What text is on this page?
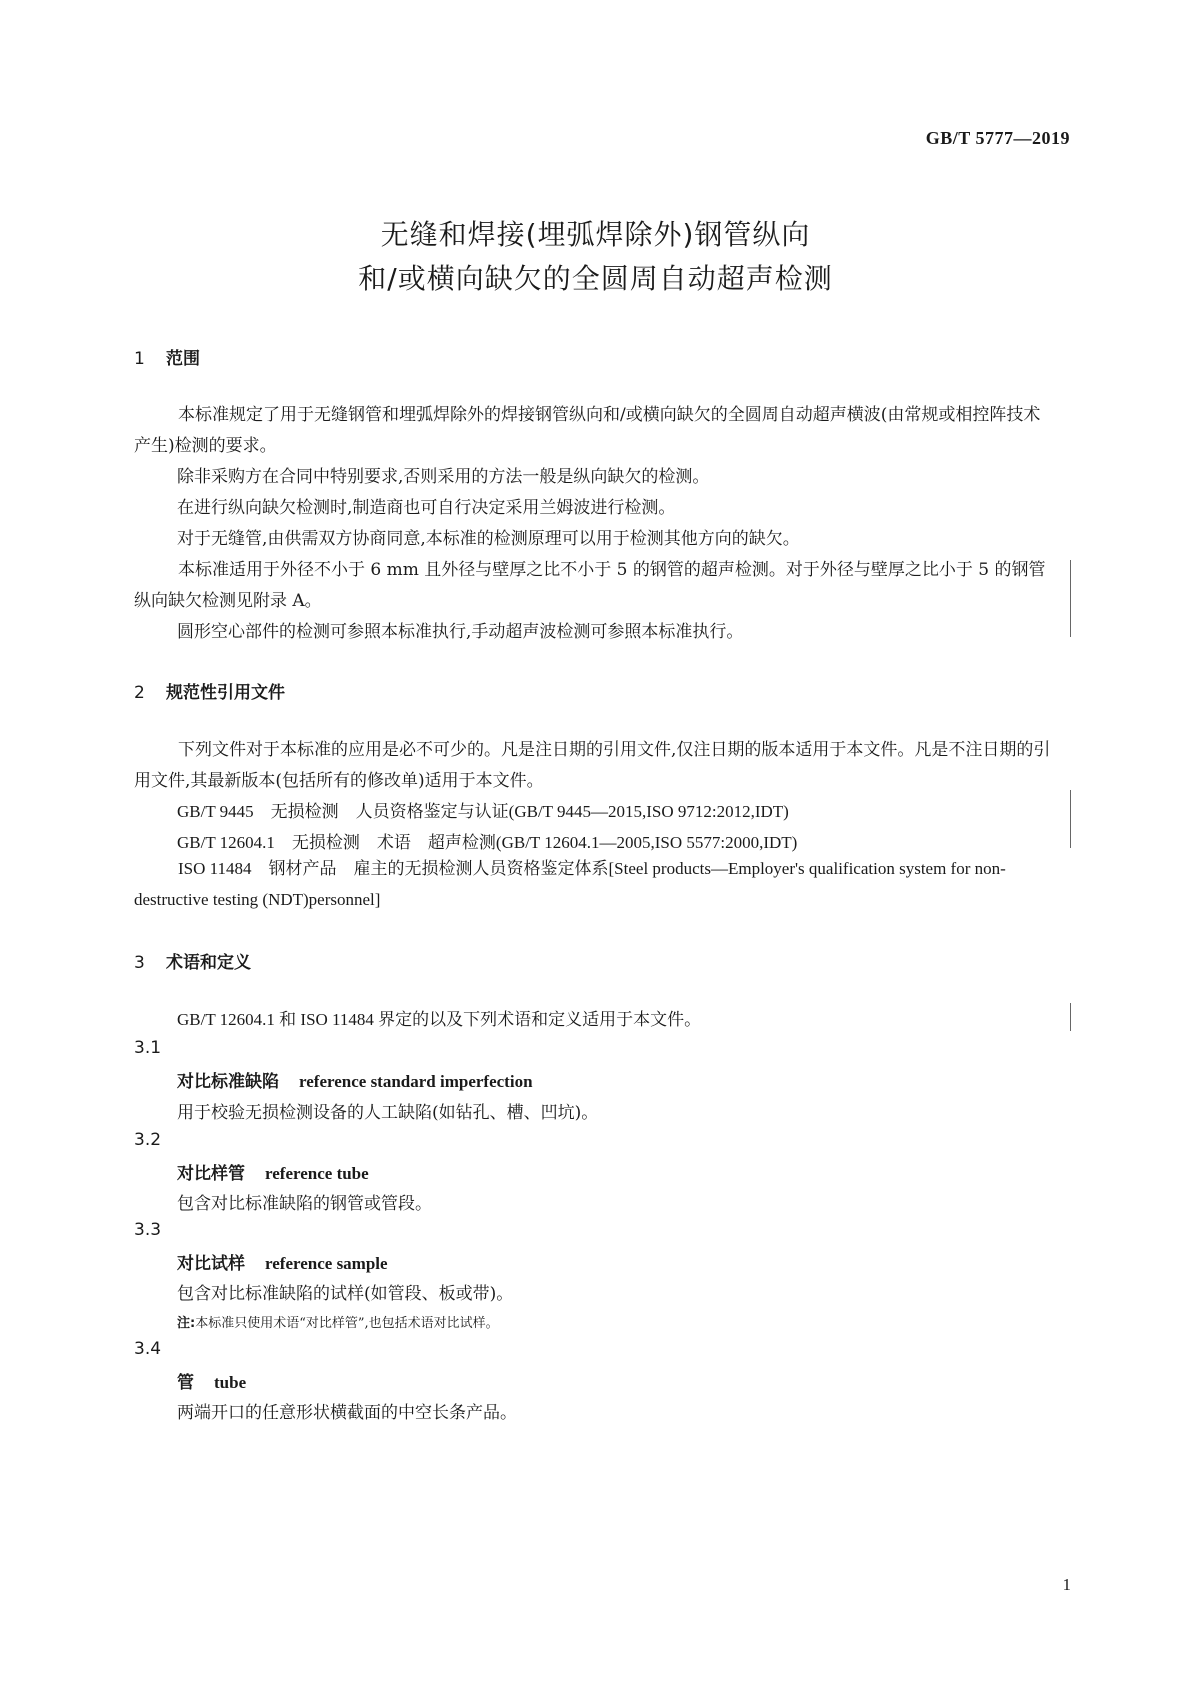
GB/T 5777—2019
无缝和焊接(埋弧焊除外)钢管纵向
和/或横向缺欠的全圆周自动超声检测
1 范围
本标准规定了用于无缝钢管和埋弧焊除外的焊接钢管纵向和/或横向缺欠的全圆周自动超声横波(由常规或相控阵技术产生)检测的要求。
除非采购方在合同中特别要求,否则采用的方法一般是纵向缺欠的检测。
在进行纵向缺欠检测时,制造商也可自行决定采用兰姆波进行检测。
对于无缝管,由供需双方协商同意,本标准的检测原理可以用于检测其他方向的缺欠。
本标准适用于外径不小于 6 mm 且外径与壁厚之比不小于 5 的钢管的超声检测。对于外径与壁厚之比小于 5 的钢管纵向缺欠检测见附录 A。
圆形空心部件的检测可参照本标准执行,手动超声波检测可参照本标准执行。
2 规范性引用文件
下列文件对于本标准的应用是必不可少的。凡是注日期的引用文件,仅注日期的版本适用于本文件。凡是不注日期的引用文件,其最新版本(包括所有的修改单)适用于本文件。
GB/T 9445　无损检测　人员资格鉴定与认证(GB/T 9445—2015,ISO 9712:2012,IDT)
GB/T 12604.1　无损检测　术语　超声检测(GB/T 12604.1—2005,ISO 5577:2000,IDT)
ISO 11484　钢材产品　雇主的无损检测人员资格鉴定体系[Steel products—Employer's qualification system for non-destructive testing (NDT)personnel]
3 术语和定义
GB/T 12604.1 和 ISO 11484 界定的以及下列术语和定义适用于本文件。
3.1
对比标准缺陷 reference standard imperfection
用于校验无损检测设备的人工缺陷(如钻孔、槽、凹坑)。
3.2
对比样管 reference tube
包含对比标准缺陷的钢管或管段。
3.3
对比试样 reference sample
包含对比标准缺陷的试样(如管段、板或带)。
注:本标准只使用术语“对比样管”,也包括术语对比试样。
3.4
管 tube
两端开口的任意形状横截面的中空长条产品。
1
